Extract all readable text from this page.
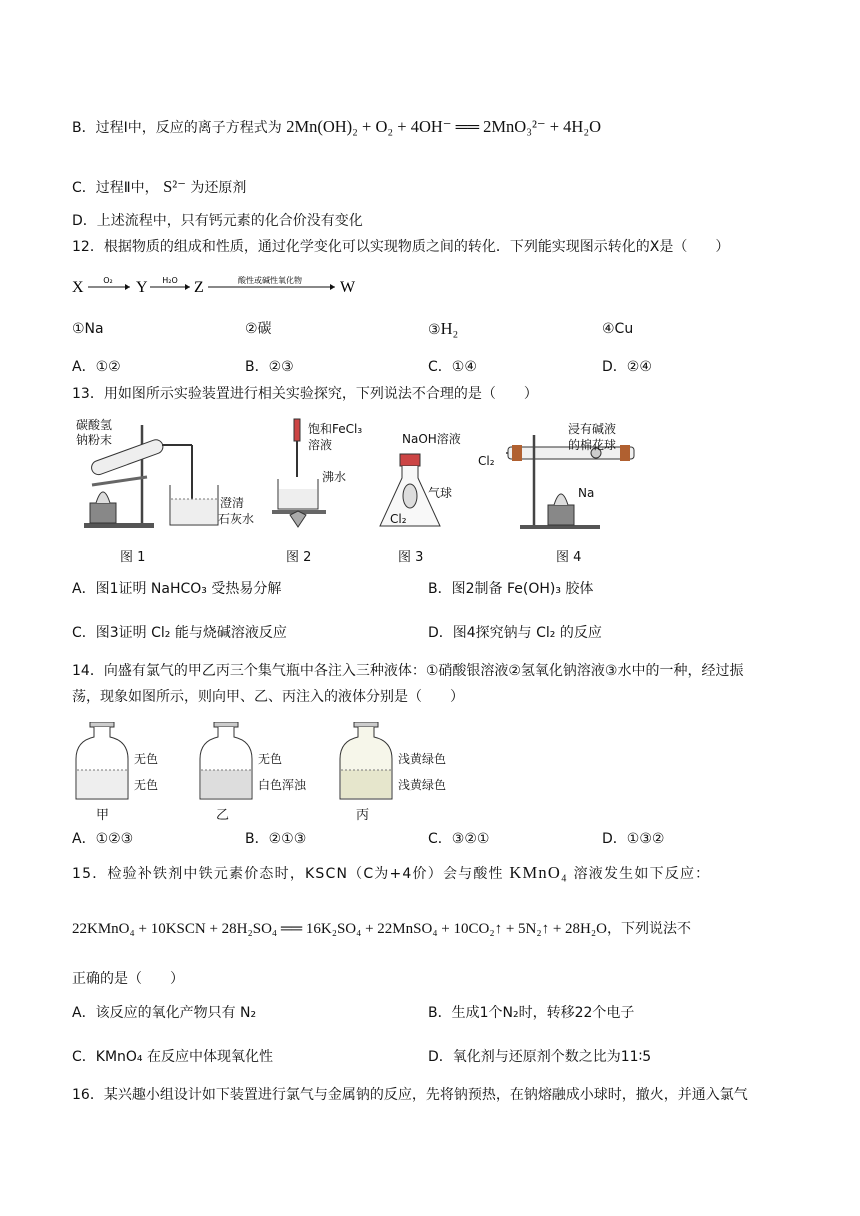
B．过程Ⅰ中，反应的离子方程式为 2Mn(OH)₂ + O₂ + 4OH⁻ ══ 2MnO₃²⁻ + 4H₂O
C．过程Ⅱ中， S²⁻ 为还原剂
D．上述流程中，只有钙元素的化合价没有变化
12．根据物质的组成和性质，通过化学变化可以实现物质之间的转化．下列能实现图示转化的X是（　　）
X O₂ Y H₂O Z	酸性或碱性氧化物 W
①Na	②碳	③H₂	④Cu
A．①②	B．②③	C．①④	D．②④
13．用如图所示实验装置进行相关实验探究，下列说法不合理的是（　　）
碳酸氢
钠粉末
澄清
石灰水
饱和FeCl₃
溶液
沸水
NaOH溶液
气球
Cl₂
Cl₂
浸有碱液
的棉花球
Na
图 1	图 2	图 3	图 4
A．图1证明 NaHCO₃ 受热易分解	B．图2制备 Fe(OH)₃ 胶体
C．图3证明 Cl₂ 能与烧碱溶液反应	D．图4探究钠与 Cl₂ 的反应
14．向盛有氯气的甲乙丙三个集气瓶中各注入三种液体：①硝酸银溶液②氢氧化钠溶液③水中的一种，经过振
荡，现象如图所示，则向甲、乙、丙注入的液体分别是（　　）
无色
无色
无色
白色浑浊
浅黄绿色
浅黄绿色
甲	乙	丙
A．①②③	B．②①③	C．③②①	D．①③②
15．检验补铁剂中铁元素价态时，KSCN（C为+4价）会与酸性 KMnO₄ 溶液发生如下反应：
22KMnO₄ + 10KSCN + 28H₂SO₄ ══ 16K₂SO₄ + 22MnSO₄ + 10CO₂↑ + 5N₂↑ + 28H₂O，下列说法不
正确的是（　　）
A．该反应的氧化产物只有 N₂	B．生成1个N₂时，转移22个电子
C．KMnO₄ 在反应中体现氧化性	D．氧化剂与还原剂个数之比为11∶5
16．某兴趣小组设计如下装置进行氯气与金属钠的反应，先将钠预热，在钠熔融成小球时，撤火，并通入氯气
